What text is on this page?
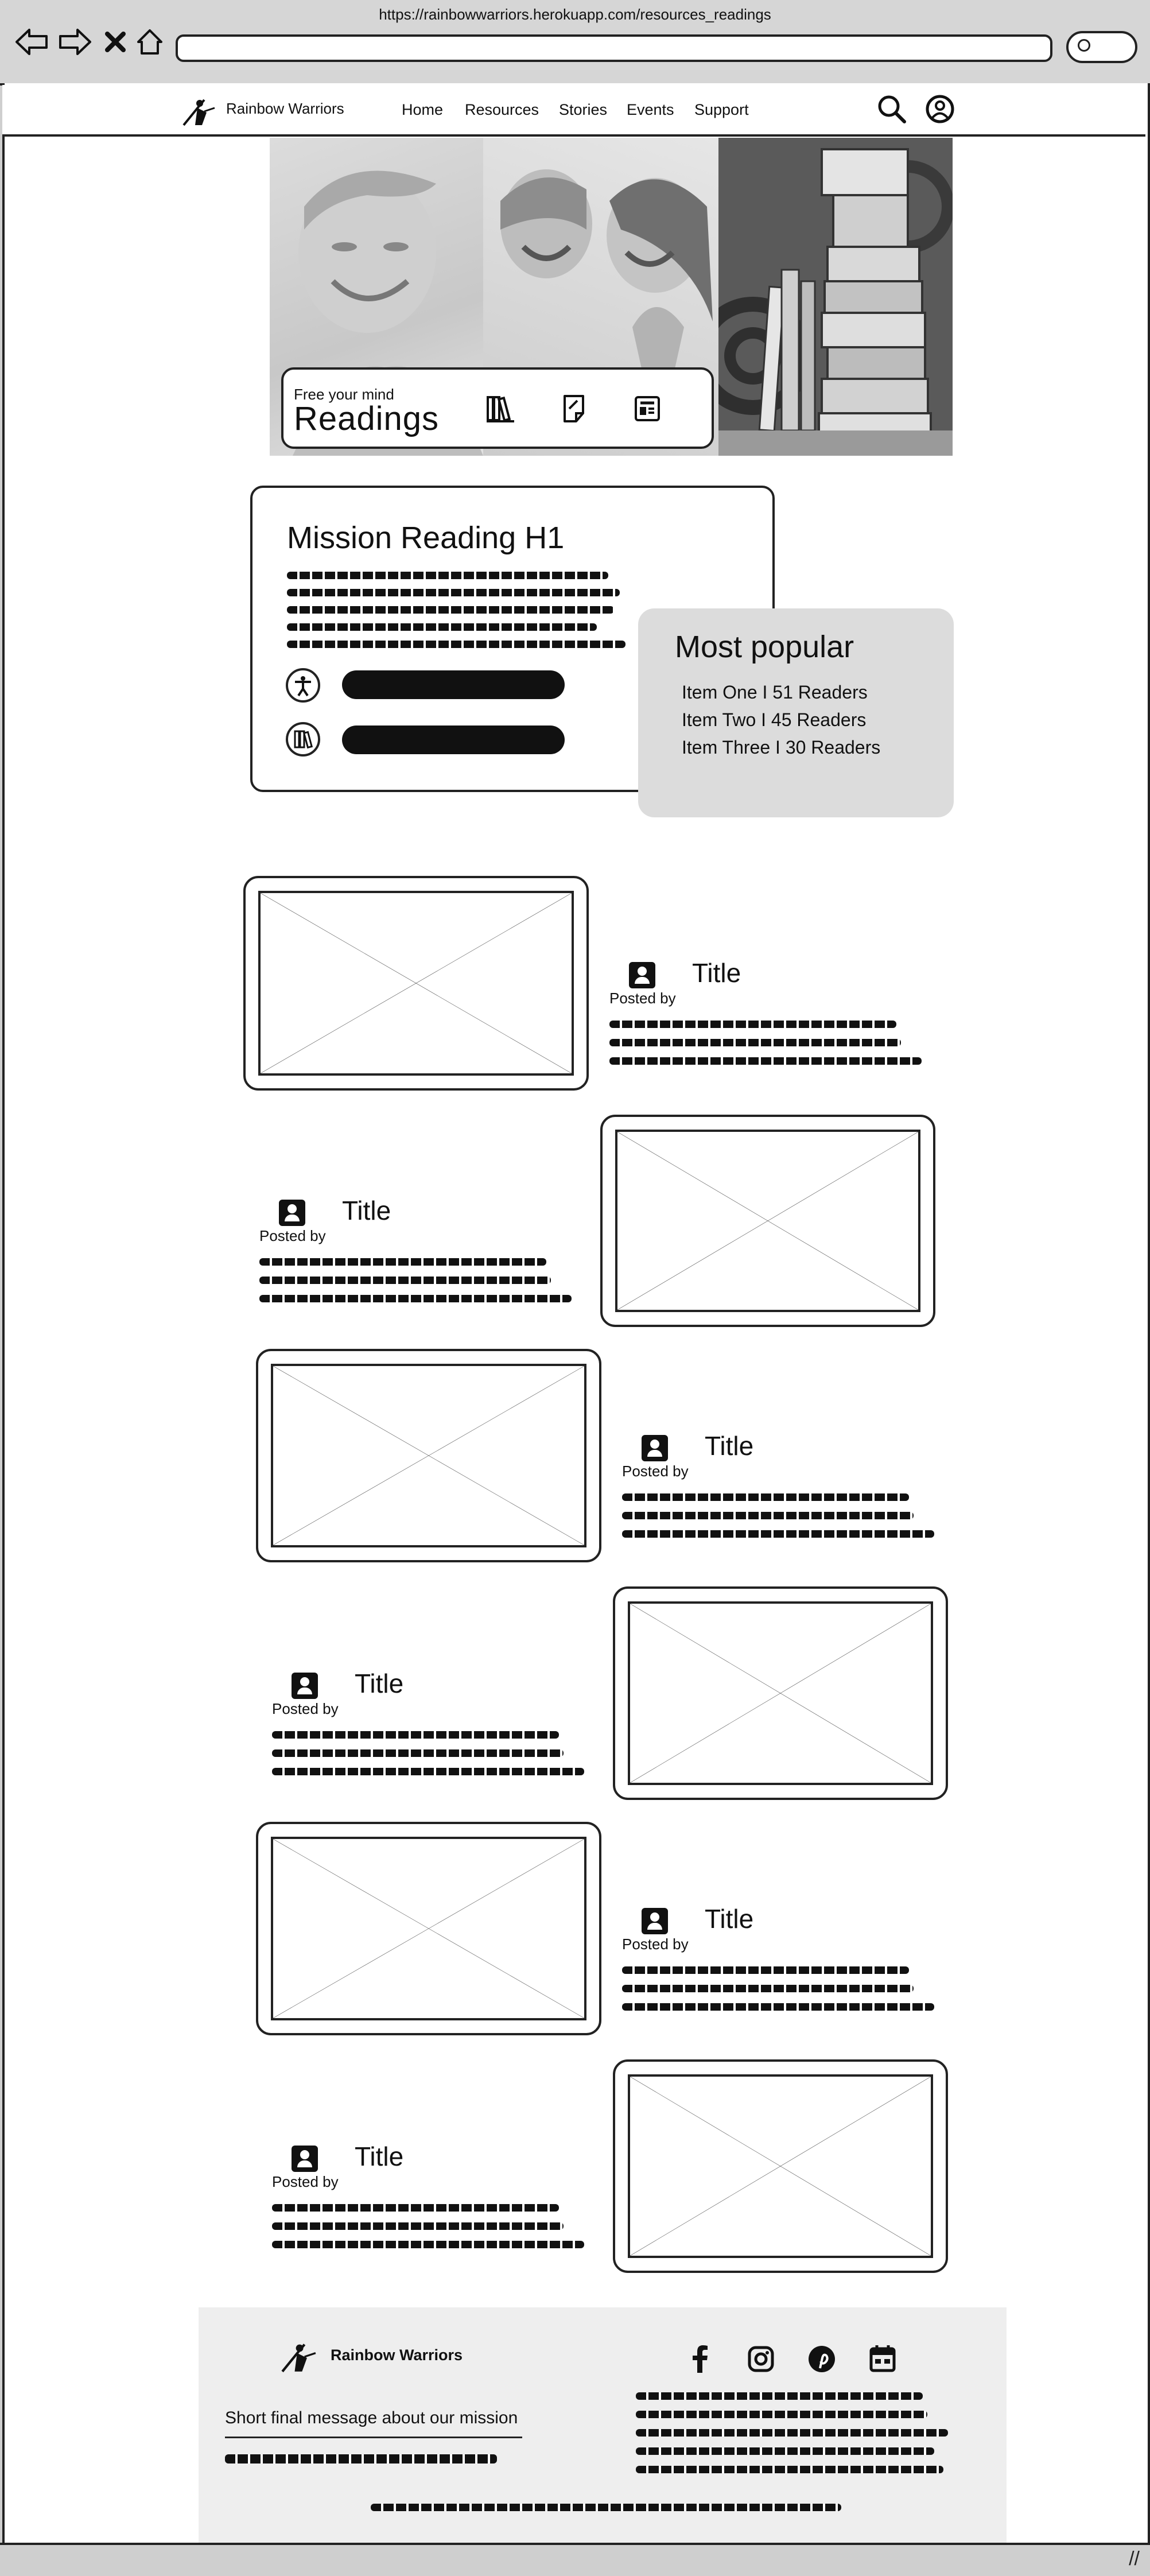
https://rainbowwarriors.herokuapp.com/resources_readings
Rainbow Warriors	Home Resources Stories Events Support
Free your mind
Readings
Mission Reading H1
Most popular
Item One I 51 Readers
Item Two I 45 Readers
Item Three I 30 Readers
Title
Posted by
Title
Posted by
Title
Posted by
Title
Posted by
Title
Posted by
Title
Posted by
Rainbow Warriors
Short final message about our mission
//
